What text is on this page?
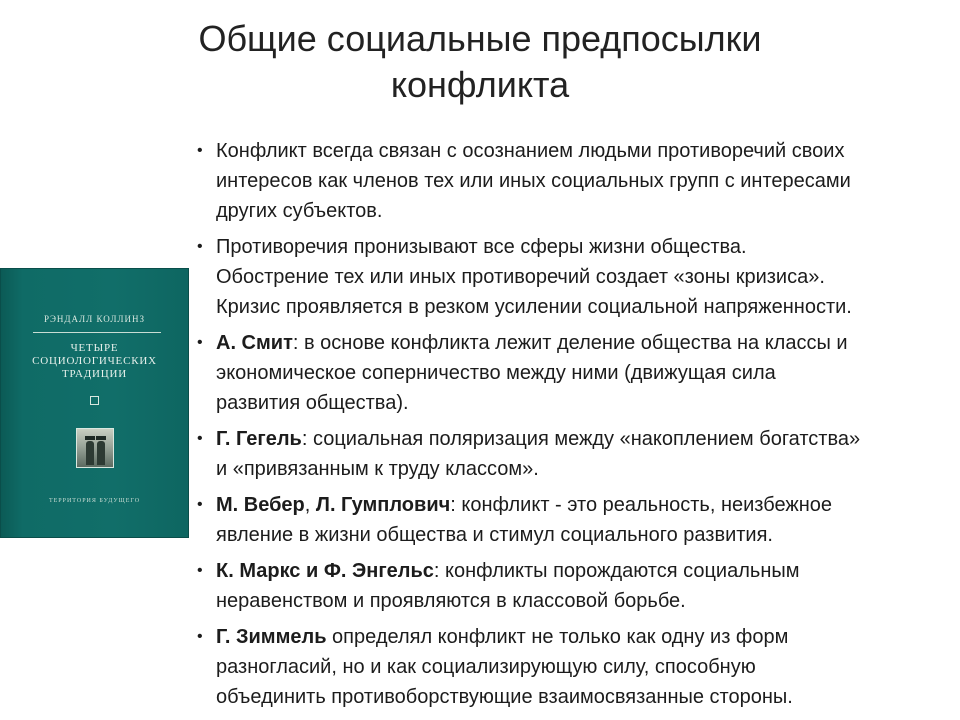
Общие социальные предпосылки
конфликта
РЭНДАЛЛ КОЛЛИНЗ
ЧЕТЫРЕ
СОЦИОЛОГИЧЕСКИХ
ТРАДИЦИИ
ТЕРРИТОРИЯ БУДУЩЕГО
• Конфликт всегда связан с осознанием людьми противоречий своих
интересов как членов тех или иных социальных групп с интересами
других субъектов.
• Противоречия пронизывают все сферы жизни общества.
Обострение тех или иных противоречий создает «зоны кризиса».
Кризис проявляется в резком усилении социальной напряженности.
• А. Смит: в основе конфликта лежит деление общества на классы и
экономическое соперничество между ними (движущая сила
развития общества).
• Г. Гегель: социальная поляризация между «накоплением богатства»
и «привязанным к труду классом».
• М. Вебер, Л. Гумплович: конфликт - это реальность, неизбежное
явление в жизни общества и стимул социального развития.
• К. Маркс и Ф. Энгельс: конфликты порождаются социальным
неравенством и проявляются в классовой борьбе.
• Г. Зиммель определял конфликт не только как одну из форм
разногласий, но и как социализирующую силу, способную
объединить противоборствующие взаимосвязанные стороны.
